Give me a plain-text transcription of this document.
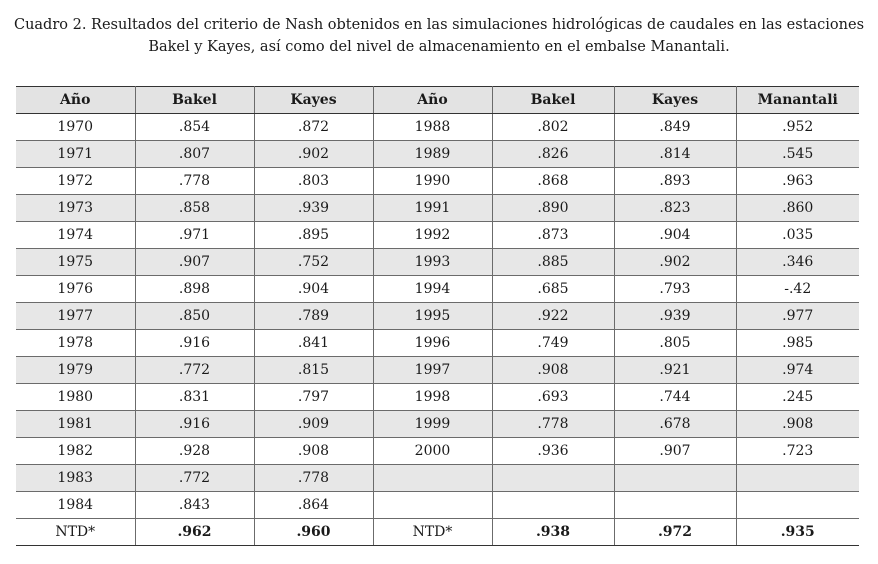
Cuadro 2. Resultados del criterio de Nash obtenidos en las simulaciones hidrológicas de caudales en las estaciones
Bakel y Kayes, así como del nivel de almacenamiento en el embalse Manantali.
Año	Bakel	Kayes	Año	Bakel	Kayes	Manantali
1970	.854	.872	1988	.802	.849	.952
1971	.807	.902	1989	.826	.814	.545
1972	.778	.803	1990	.868	.893	.963
1973	.858	.939	1991	.890	.823	.860
1974	.971	.895	1992	.873	.904	.035
1975	.907	.752	1993	.885	.902	.346
1976	.898	.904	1994	.685	.793	-.42
1977	.850	.789	1995	.922	.939	.977
1978	.916	.841	1996	.749	.805	.985
1979	.772	.815	1997	.908	.921	.974
1980	.831	.797	1998	.693	.744	.245
1981	.916	.909	1999	.778	.678	.908
1982	.928	.908	2000	.936	.907	.723
1983	.772	.778				
1984	.843	.864				
NTD*	.962	.960	NTD*	.938	.972	.935
